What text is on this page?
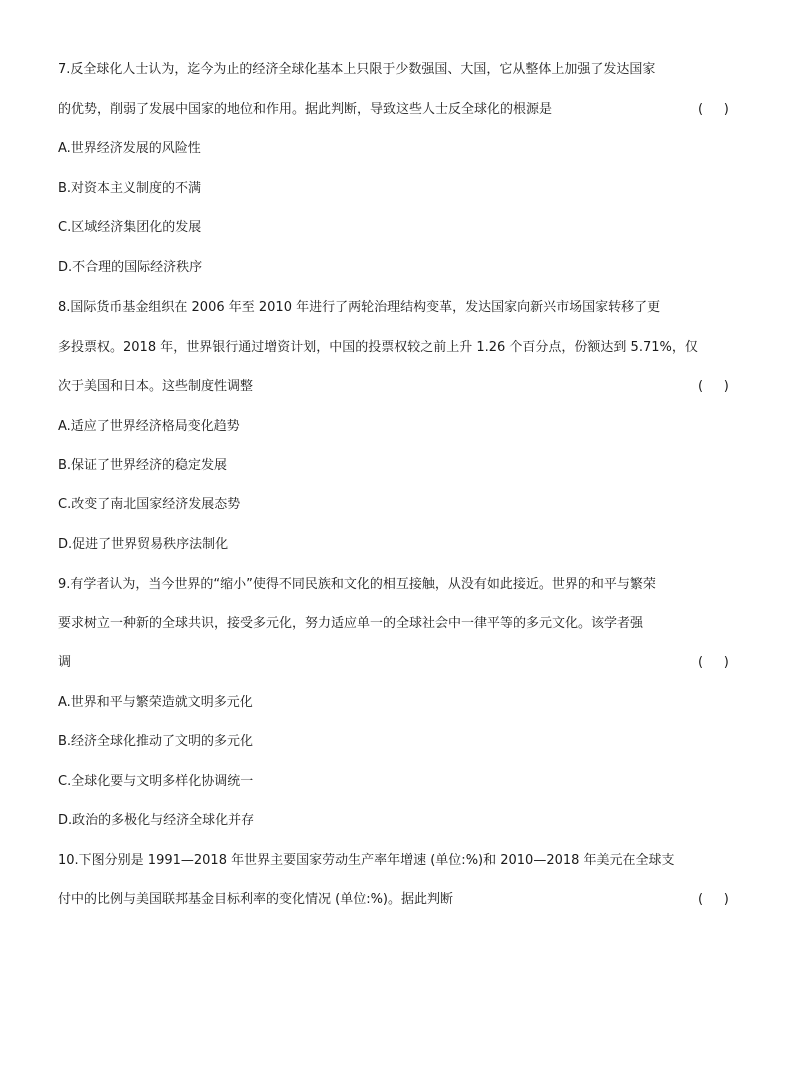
7.反全球化人士认为，迄今为止的经济全球化基本上只限于少数强国、大国，它从整体上加强了发达国家
的优势，削弱了发展中国家的地位和作用。据此判断，导致这些人士反全球化的根源是	(     )
A.世界经济发展的风险性
B.对资本主义制度的不满
C.区域经济集团化的发展
D.不合理的国际经济秩序
8.国际货币基金组织在 2006 年至 2010 年进行了两轮治理结构变革，发达国家向新兴市场国家转移了更
多投票权。2018 年，世界银行通过增资计划，中国的投票权较之前上升 1.26 个百分点，份额达到 5.71%，仅
次于美国和日本。这些制度性调整	(     )
A.适应了世界经济格局变化趋势
B.保证了世界经济的稳定发展
C.改变了南北国家经济发展态势
D.促进了世界贸易秩序法制化
9.有学者认为，当今世界的“缩小”使得不同民族和文化的相互接触，从没有如此接近。世界的和平与繁荣
要求树立一种新的全球共识，接受多元化，努力适应单一的全球社会中一律平等的多元文化。该学者强
调	(     )
A.世界和平与繁荣造就文明多元化
B.经济全球化推动了文明的多元化
C.全球化要与文明多样化协调统一
D.政治的多极化与经济全球化并存
10.下图分别是 1991—2018 年世界主要国家劳动生产率年增速 (单位:%)和 2010—2018 年美元在全球支
付中的比例与美国联邦基金目标利率的变化情况 (单位:%)。据此判断	(     )
